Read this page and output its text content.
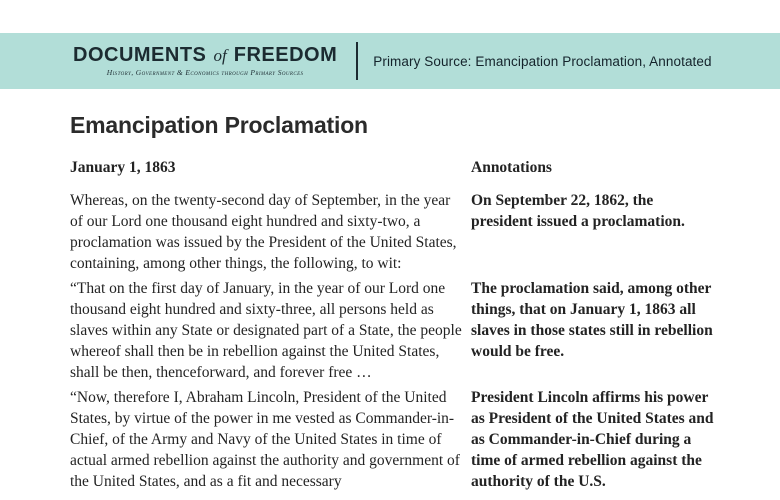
DOCUMENTS of FREEDOM
History, Government & Economics through Primary Sources
Primary Source: Emancipation Proclamation, Annotated
Emancipation Proclamation
January 1, 1863	Annotations

Whereas, on the twenty-second day of September, in the year of our Lord one thousand eight hundred and sixty-two, a proclamation was issued by the President of the United States, containing, among other things, the following, to wit:

On September 22, 1862, the president issued a proclamation.

“That on the first day of January, in the year of our Lord one thousand eight hundred and sixty-three, all persons held as slaves within any State or designated part of a State, the people whereof shall then be in rebellion against the United States, shall be then, thenceforward, and forever free …

The proclamation said, among other things, that on January 1, 1863 all slaves in those states still in rebellion would be free.

“Now, therefore I, Abraham Lincoln, President of the United States, by virtue of the power in me vested as Commander-in-Chief, of the Army and Navy of the United States in time of actual armed rebellion against the authority and government of the United States, and as a fit and necessary

President Lincoln affirms his power as President of the United States and as Commander-in-Chief during a time of armed rebellion against the authority of the U.S.
